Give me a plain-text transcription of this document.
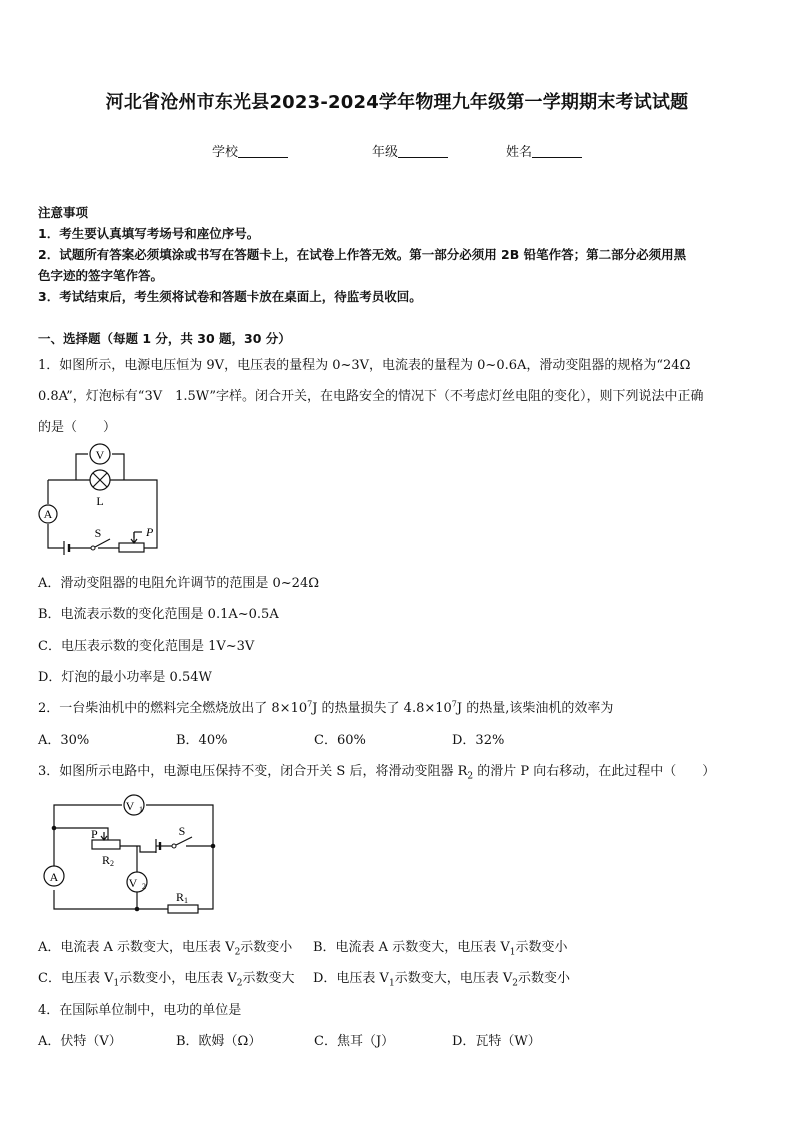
河北省沧州市东光县2023-2024学年物理九年级第一学期期末考试试题
学校	年级	姓名
注意事项
1．考生要认真填写考场号和座位序号。
2．试题所有答案必须填涂或书写在答题卡上，在试卷上作答无效。第一部分必须用 2B 铅笔作答；第二部分必须用黑
色字迹的签字笔作答。
3．考试结束后，考生须将试卷和答题卡放在桌面上，待监考员收回。
一、选择题（每题 1 分，共 30 题，30 分）
1．如图所示，电源电压恒为 9V，电压表的量程为 0~3V，电流表的量程为 0~0.6A，滑动变阻器的规格为“24Ω
0.8A”，灯泡标有“3V　1.5W”字样。闭合开关，在电路安全的情况下（不考虑灯丝电阻的变化），则下列说法中正确
的是（　　）
V
L
A
S	P
A．滑动变阻器的电阻允许调节的范围是 0~24Ω
B．电流表示数的变化范围是 0.1A~0.5A
C．电压表示数的变化范围是 1V~3V
D．灯泡的最小功率是 0.54W
2．一台柴油机中的燃料完全燃烧放出了 $8\times 10^7J$ 的热量损失了 $4.8\times 10^7J$ 的热量,该柴油机的效率为
A．30%	B．40%	C．60%	D．32%
3．如图所示电路中，电源电压保持不变，闭合开关 S 后，将滑动变阻器 $R_2$ 的滑片 P 向右移动，在此过程中（　　）
V 1
A
P
R 2
S
V 2
R 1
A．电流表 A 示数变大，电压表 $V_2$示数变小 B．电流表 A 示数变大，电压表 $V_1$示数变小
C．电压表 $V_1$示数变小，电压表 $V_2$示数变大 D．电压表 $V_1$示数变大，电压表 $V_2$示数变小
4．在国际单位制中，电功的单位是
A．伏特（V）	B．欧姆（Ω）	C．焦耳（J）	D．瓦特（W）
